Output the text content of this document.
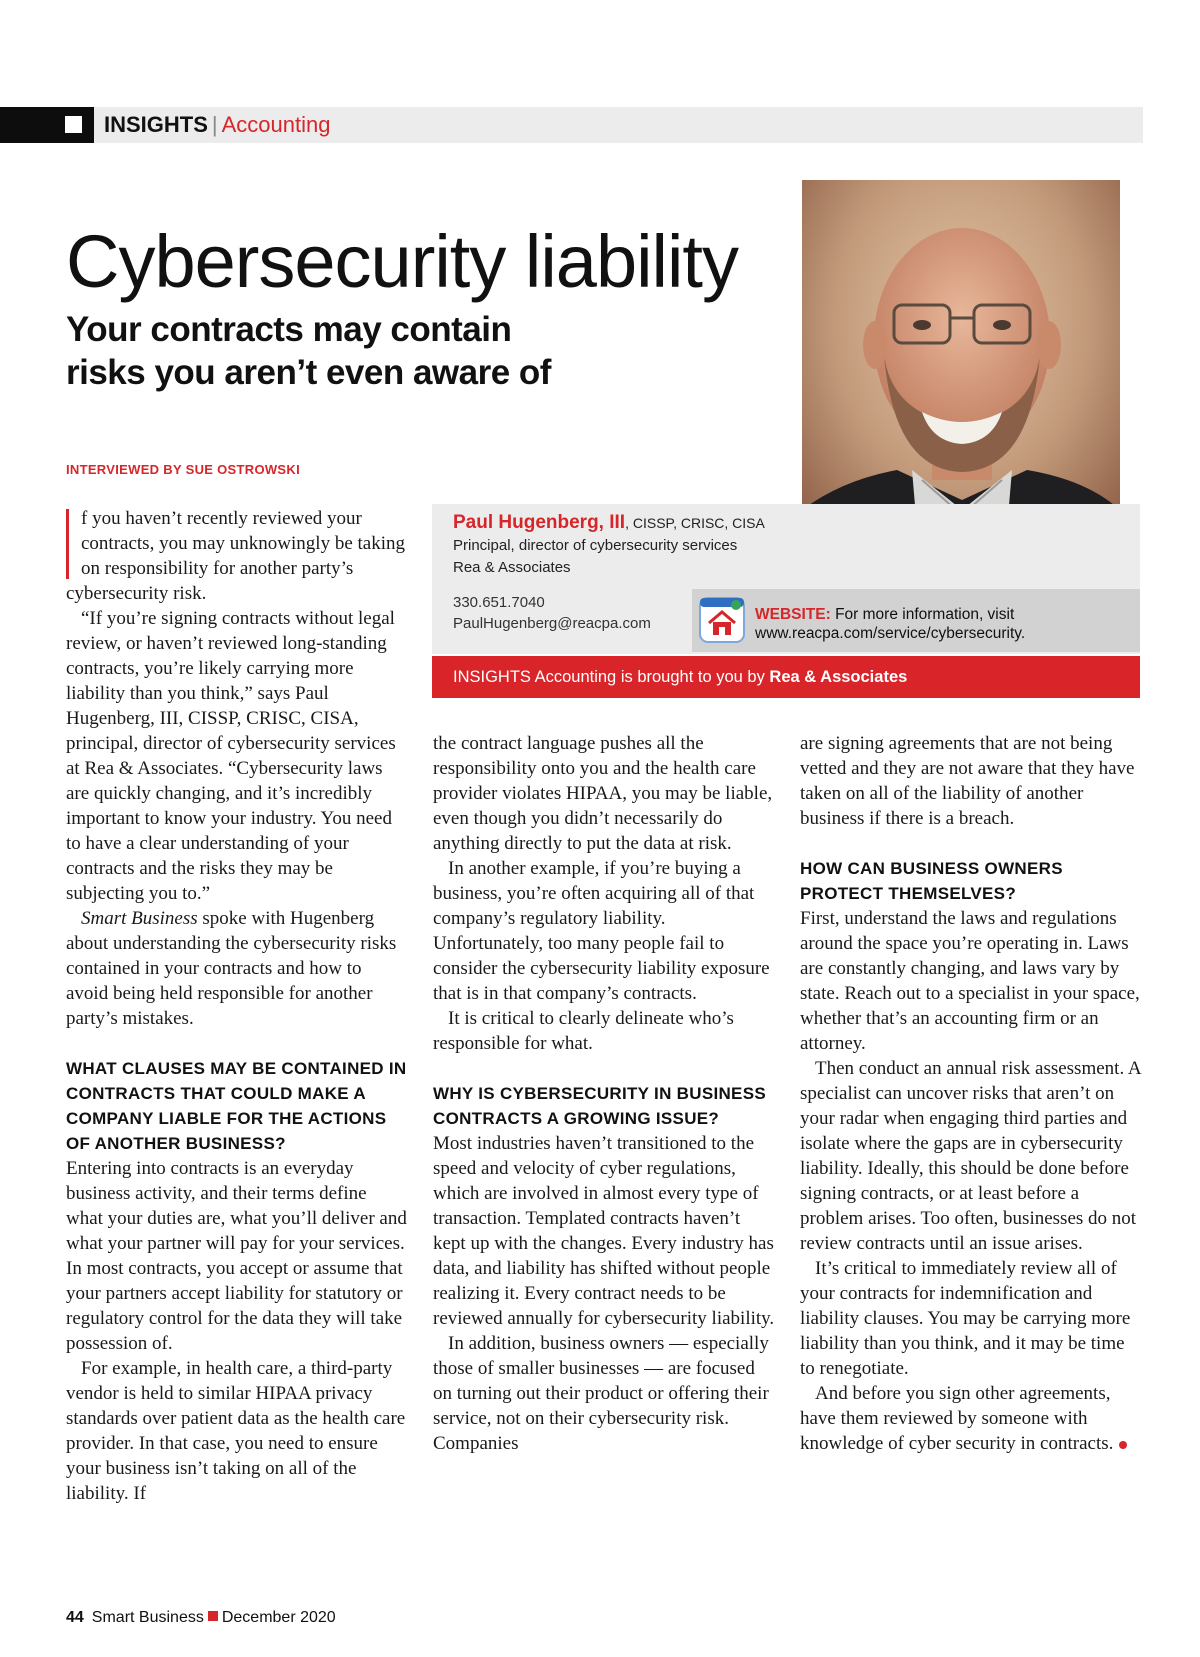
INSIGHTS | Accounting
Cybersecurity liability
Your contracts may contain risks you aren’t even aware of
INTERVIEWED BY SUE OSTROWSKI
Paul Hugenberg, III, CISSP, CRISC, CISA
Principal, director of cybersecurity services
Rea & Associates
330.651.7040
PaulHugenberg@reacpa.com
WEBSITE: For more information, visit www.reacpa.com/service/cybersecurity.
INSIGHTS Accounting is brought to you by Rea & Associates

f you haven’t recently reviewed your contracts, you may unknowingly be taking on responsibility for another party’s cybersecurity risk.

“If you’re signing contracts without legal review, or haven’t reviewed long-standing contracts, you’re likely carrying more liability than you think,” says Paul Hugenberg, III, CISSP, CRISC, CISA, principal, director of cybersecurity services at Rea & Associates. “Cybersecurity laws are quickly changing, and it’s incredibly important to know your industry. You need to have a clear understanding of your contracts and the risks they may be subjecting you to.”

Smart Business spoke with Hugenberg about understanding the cybersecurity risks contained in your contracts and how to avoid being held responsible for another party’s mistakes.

WHAT CLAUSES MAY BE CONTAINED IN CONTRACTS THAT COULD MAKE A COMPANY LIABLE FOR THE ACTIONS OF ANOTHER BUSINESS?

Entering into contracts is an everyday business activity, and their terms define what your duties are, what you’ll deliver and what your partner will pay for your services. In most contracts, you accept or assume that your partners accept liability for statutory or regulatory control for the data they will take possession of.

For example, in health care, a third-party vendor is held to similar HIPAA privacy standards over patient data as the health care provider. In that case, you need to ensure your business isn’t taking on all of the liability. If

the contract language pushes all the responsibility onto you and the health care provider violates HIPAA, you may be liable, even though you didn’t necessarily do anything directly to put the data at risk.

In another example, if you’re buying a business, you’re often acquiring all of that company’s regulatory liability. Unfortunately, too many people fail to consider the cybersecurity liability exposure that is in that company’s contracts.

It is critical to clearly delineate who’s responsible for what.

WHY IS CYBERSECURITY IN BUSINESS CONTRACTS A GROWING ISSUE?

Most industries haven’t transitioned to the speed and velocity of cyber regulations, which are involved in almost every type of transaction. Templated contracts haven’t kept up with the changes. Every industry has data, and liability has shifted without people realizing it. Every contract needs to be reviewed annually for cybersecurity liability.

In addition, business owners — especially those of smaller businesses — are focused on turning out their product or offering their service, not on their cybersecurity risk. Companies

are signing agreements that are not being vetted and they are not aware that they have taken on all of the liability of another business if there is a breach.

HOW CAN BUSINESS OWNERS PROTECT THEMSELVES?

First, understand the laws and regulations around the space you’re operating in. Laws are constantly changing, and laws vary by state. Reach out to a specialist in your space, whether that’s an accounting firm or an attorney.

Then conduct an annual risk assessment. A specialist can uncover risks that aren’t on your radar when engaging third parties and isolate where the gaps are in cybersecurity liability. Ideally, this should be done before signing contracts, or at least before a problem arises. Too often, businesses do not review contracts until an issue arises.

It’s critical to immediately review all of your contracts for indemnification and liability clauses. You may be carrying more liability than you think, and it may be time to renegotiate.

And before you sign other agreements, have them reviewed by someone with knowledge of cyber security in contracts.

44 Smart Business December 2020
